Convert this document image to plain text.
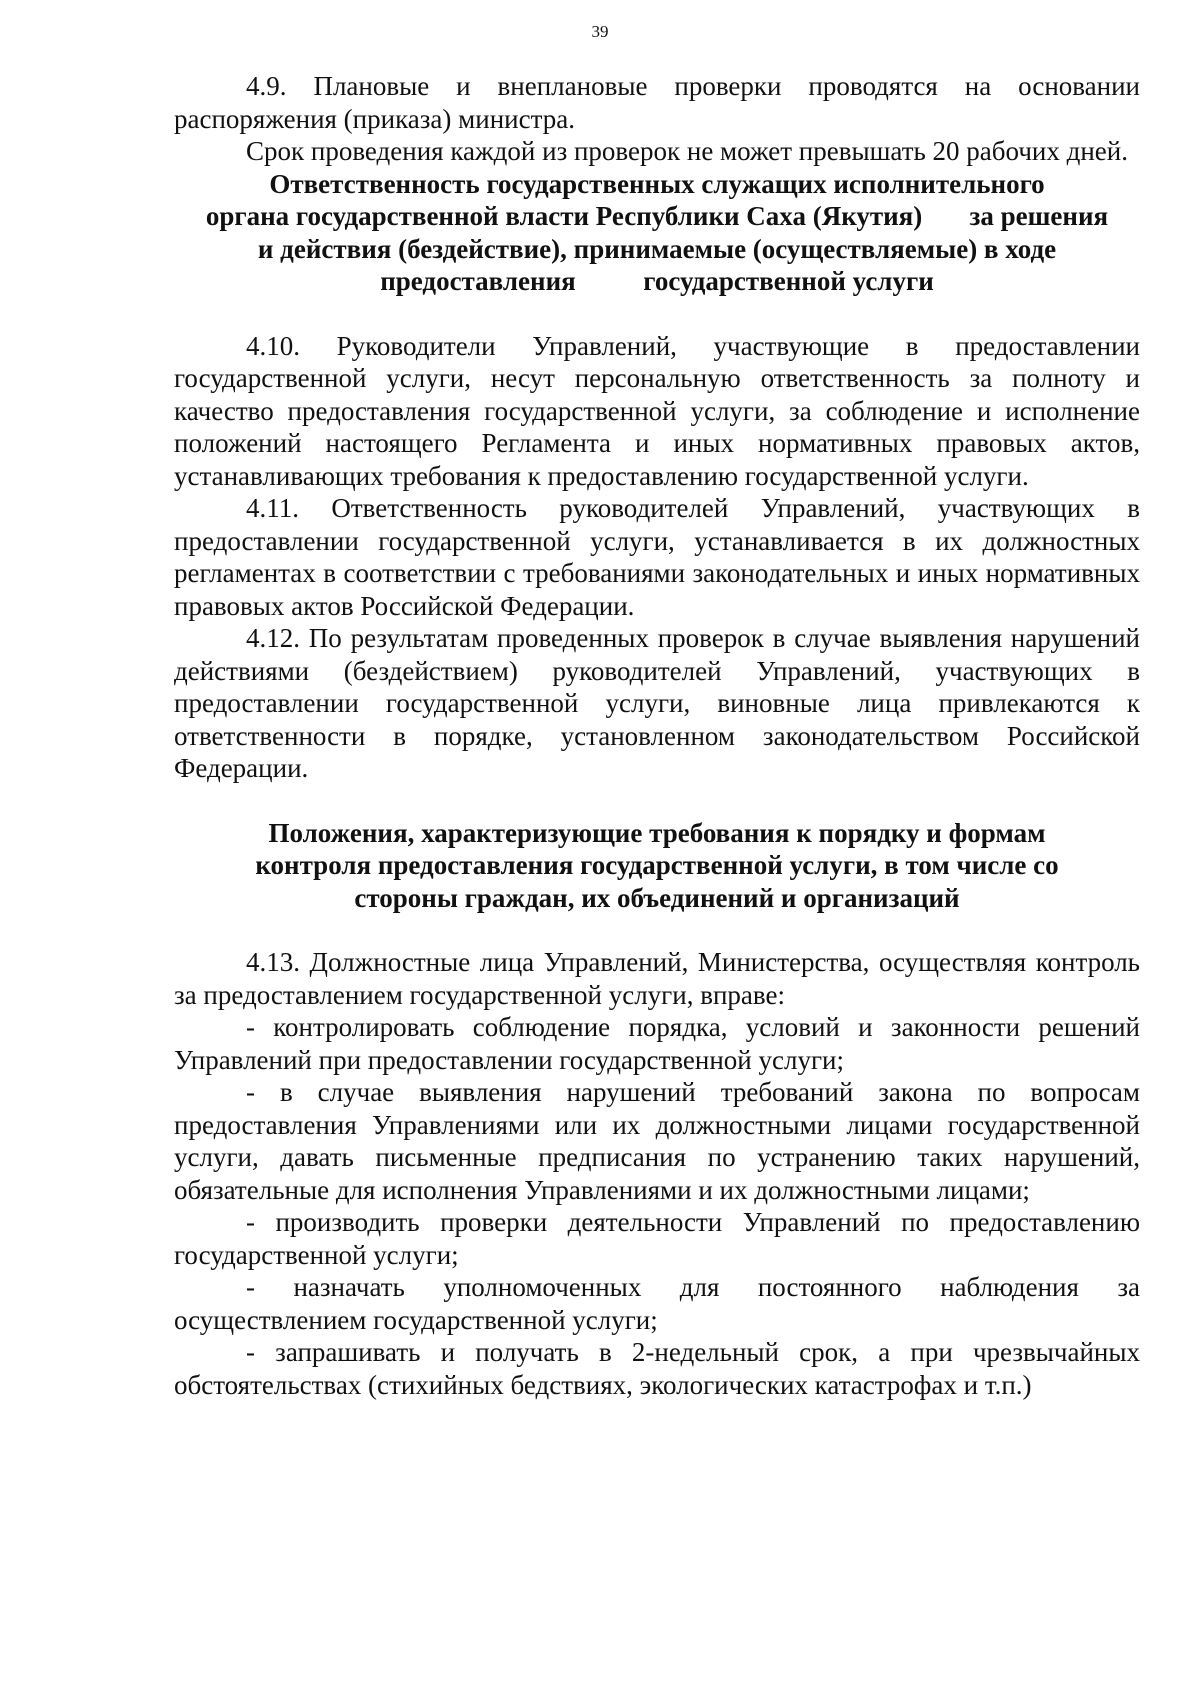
39

4.9. Плановые и внеплановые проверки проводятся на основании распоряжения (приказа) министра.

Срок проведения каждой из проверок не может превышать 20 рабочих дней.

Ответственность государственных служащих исполнительного
органа государственной власти Республики Саха (Якутия)       за решения
и действия (бездействие), принимаемые (осуществляемые) в ходе
предоставления          государственной услуги

4.10. Руководители Управлений, участвующие в предоставлении государственной услуги, несут персональную ответственность за полноту и качество предоставления государственной услуги, за соблюдение и исполнение положений настоящего Регламента и иных нормативных правовых актов, устанавливающих требования к предоставлению государственной услуги.

4.11. Ответственность руководителей Управлений, участвующих в предоставлении государственной услуги, устанавливается в их должностных регламентах в соответствии с требованиями законодательных и иных нормативных правовых актов Российской Федерации.

4.12. По результатам проведенных проверок в случае выявления нарушений действиями (бездействием) руководителей Управлений, участвующих в предоставлении государственной услуги, виновные лица привлекаются к ответственности в порядке, установленном законодательством Российской Федерации.

Положения, характеризующие требования к порядку и формам
контроля предоставления государственной услуги, в том числе со
стороны граждан, их объединений и организаций

4.13. Должностные лица Управлений, Министерства, осуществляя контроль за предоставлением государственной услуги, вправе:

- контролировать соблюдение порядка, условий и законности решений Управлений при предоставлении государственной услуги;

- в случае выявления нарушений требований закона по вопросам предоставления Управлениями или их должностными лицами государственной услуги, давать письменные предписания по устранению таких нарушений, обязательные для исполнения Управлениями и их должностными лицами;

- производить проверки деятельности Управлений по предоставлению государственной услуги;

- назначать уполномоченных для постоянного наблюдения за осуществлением государственной услуги;

- запрашивать и получать в 2-недельный срок, а при чрезвычайных обстоятельствах (стихийных бедствиях, экологических катастрофах и т.п.)
